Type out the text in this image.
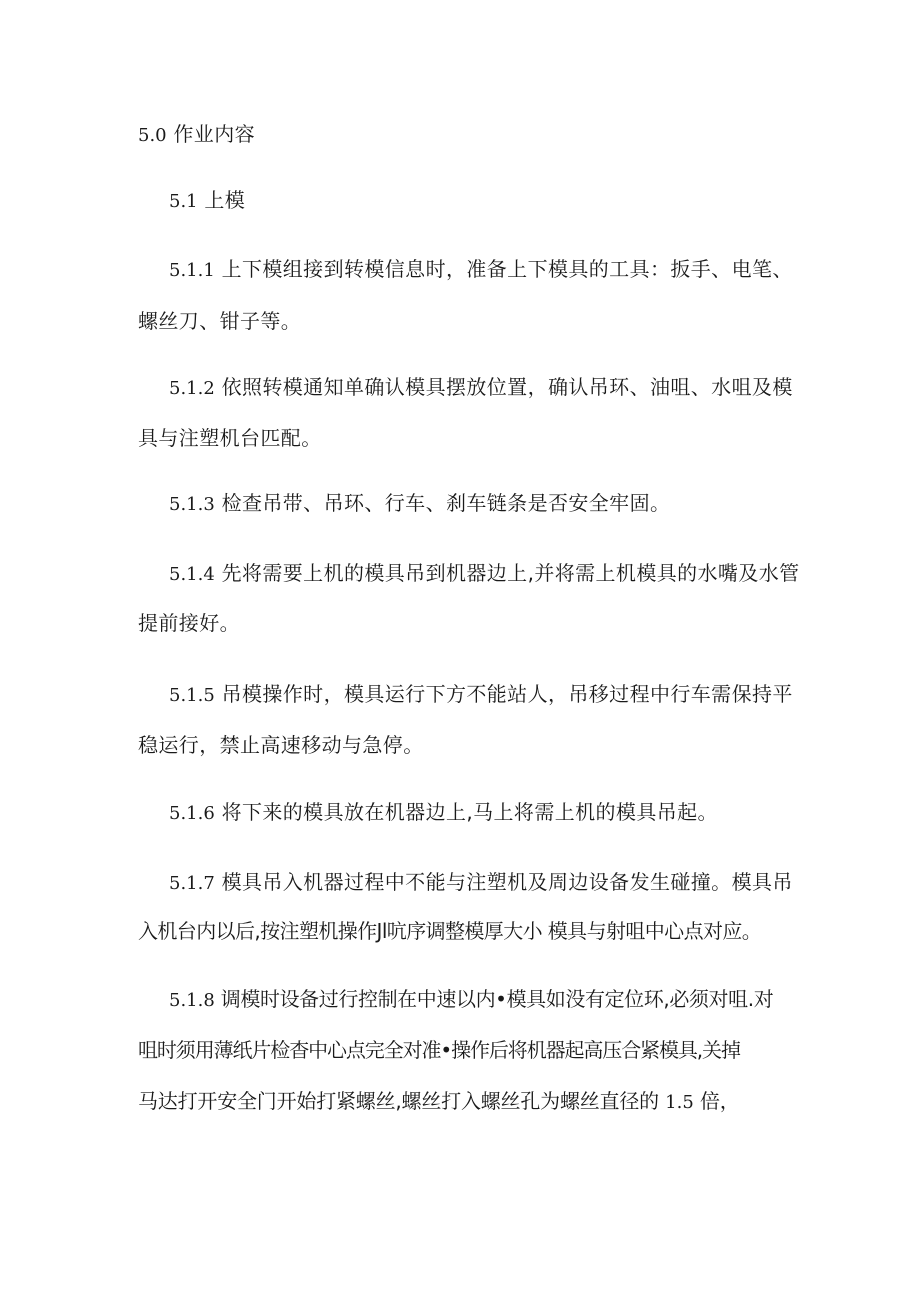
5.0 作业内容
5.1 上模
5.1.1 上下模组接到转模信息时，准备上下模具的工具：扳手、电笔、
螺丝刀、钳子等。
5.1.2 依照转模通知单确认模具摆放位置，确认吊环、油咀、水咀及模
具与注塑机台匹配。
5.1.3 检查吊带、吊环、行车、刹车链条是否安全牢固。
5.1.4 先将需要上机的模具吊到机器边上,并将需上机模具的水嘴及水管
提前接好。
5.1.5 吊模操作时，模具运行下方不能站人，吊移过程中行车需保持平
稳运行，禁止高速移动与急停。
5.1.6 将下来的模具放在机器边上,马上将需上机的模具吊起。
5.1.7 模具吊入机器过程中不能与注塑机及周边设备发生碰撞。模具吊
入机台内以后,按注塑机操作Jl吭序调整模厚大小 模具与射咀中心点对应。
5.1.8 调模时设备过行控制在中速以内•模具如没有定位环,必须对咀.对
咀时须用薄纸片检杳中心点完全对准•操作后将机器起高压合紧模具,关掉
马达打开安全门开始打紧螺丝,螺丝打入螺丝孔为螺丝直径的 1.5 倍，
